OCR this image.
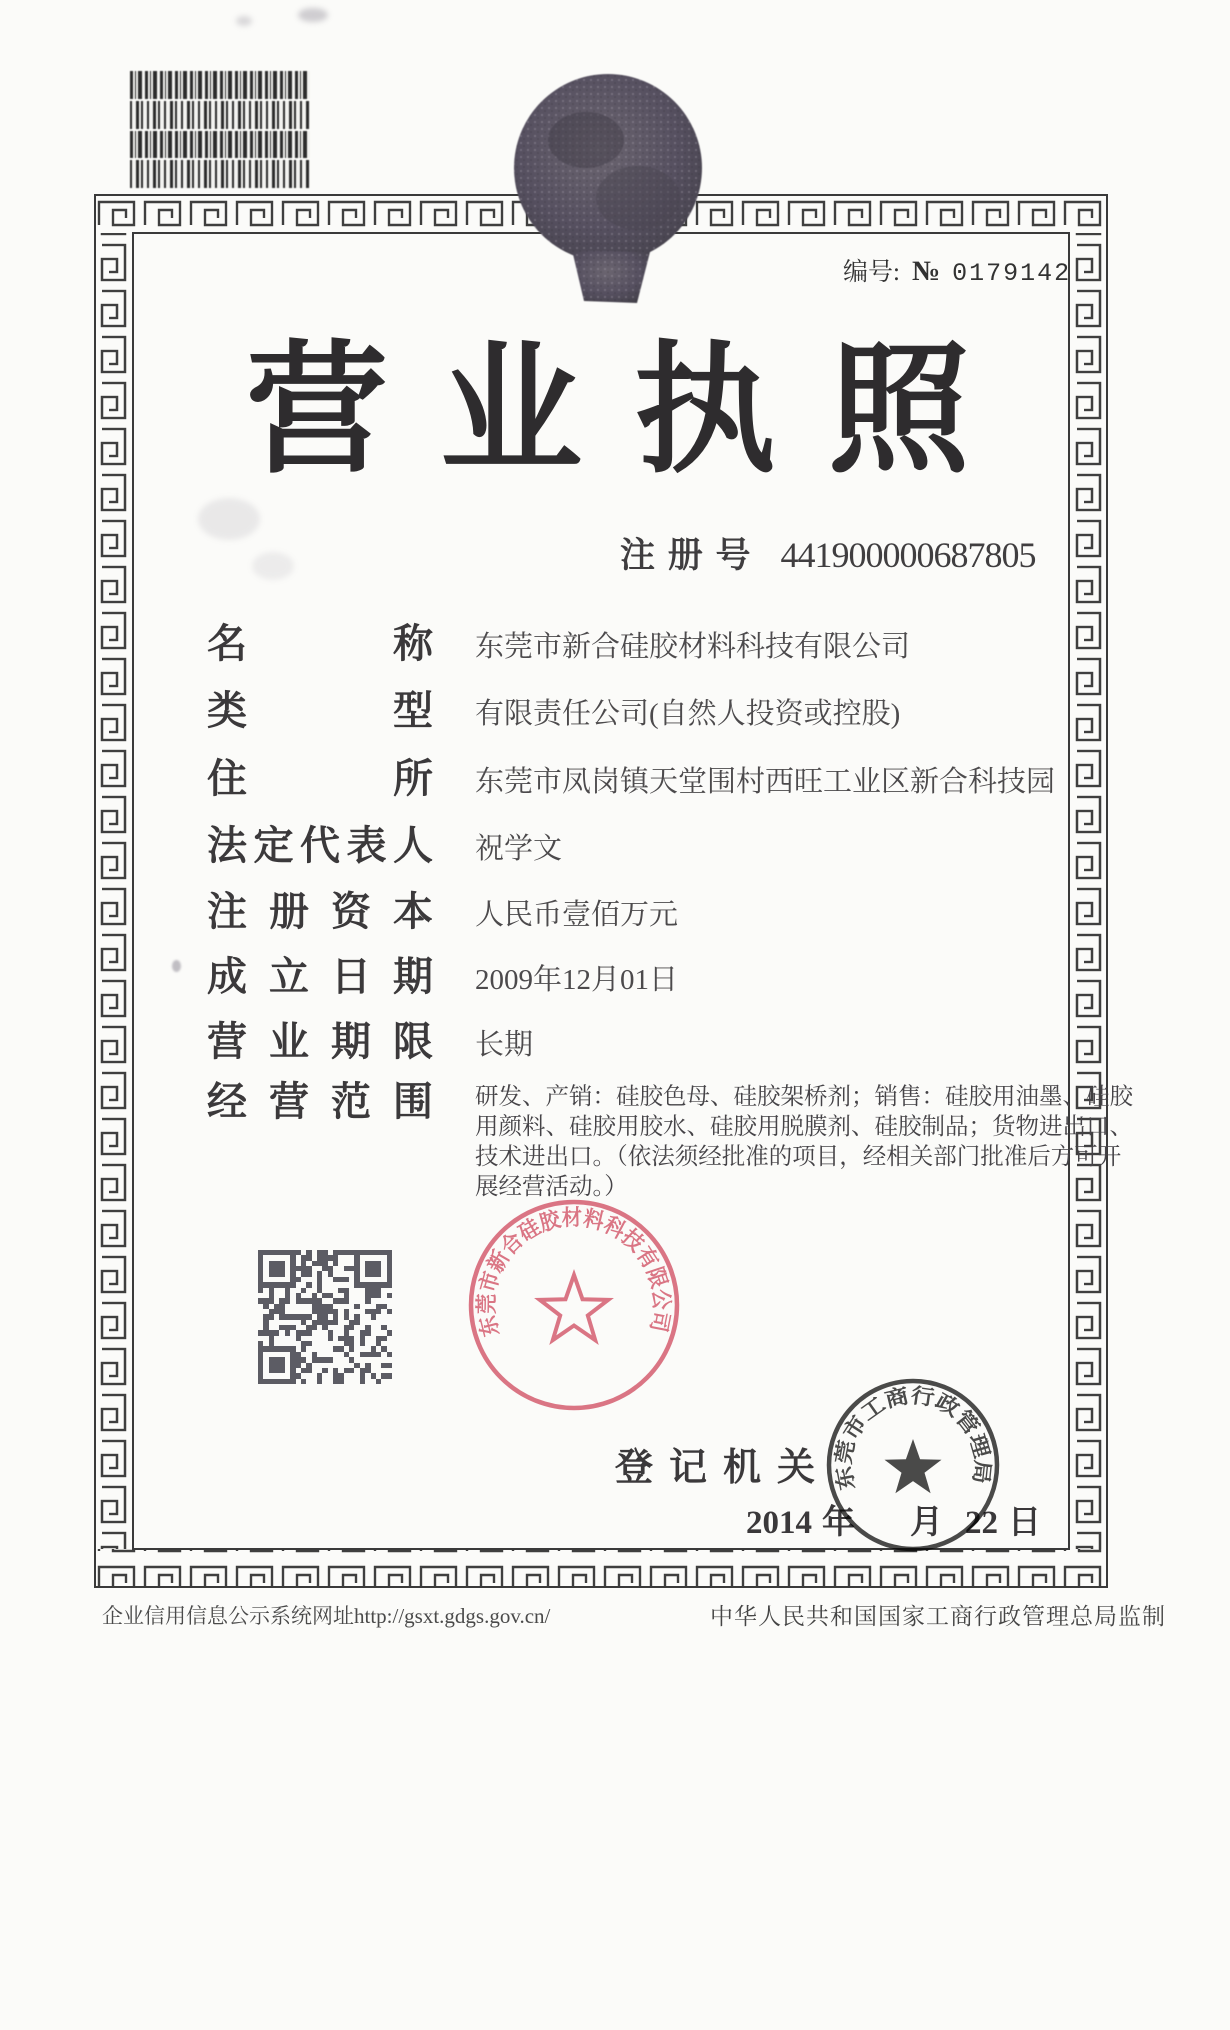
编号: № 0179142
营 业 执 照
注 册 号 441900000687805
名	称 东莞市新合硅胶材料科技有限公司
类	型 有限责任公司(自然人投资或控股)
住	所 东莞市凤岗镇天堂围村西旺工业区新合科技园
法 定 代 表 人 祝学文
注 册 资 本 人民币壹佰万元
成 立 日 期 2009年12月01日
营 业 期 限 长期
经 营 范 围 研发、产销：硅胶色母、硅胶架桥剂；销售：硅胶用油墨、硅胶用颜料、硅胶用胶水、硅胶用脱膜剂、硅胶制品；货物进出口、技术进出口。（依法须经批准的项目，经相关部门批准后方可开展经营活动。）
东莞市新合硅胶材料科技有限公司
登 记 机 关
2014 年 月 22 日
东莞市工商行政管理局
企业信用信息公示系统网址http://gsxt.gdgs.gov.cn/	中华人民共和国国家工商行政管理总局监制
